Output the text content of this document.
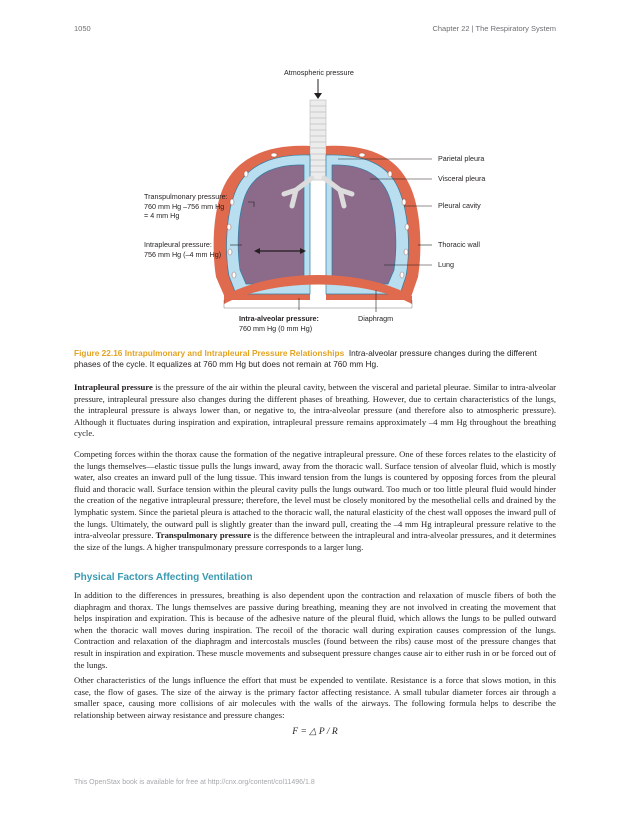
1050	Chapter 22 | The Respiratory System
Atmospheric pressure
Transpulmonary pressure:
760 mm Hg –756 mm Hg
= 4 mm Hg
Intrapleural pressure:
756 mm Hg (–4 mm Hg)
Intra-alveolar pressure:
760 mm Hg (0 mm Hg)
Diaphragm
Parietal pleura
Visceral pleura
Pleural cavity
Thoracic wall
Lung
Figure 22.16 Intrapulmonary and Intrapleural Pressure Relationships Intra-alveolar pressure changes during the different phases of the cycle. It equalizes at 760 mm Hg but does not remain at 760 mm Hg.

Intrapleural pressure is the pressure of the air within the pleural cavity, between the visceral and parietal pleurae. Similar to intra-alveolar pressure, intrapleural pressure also changes during the different phases of breathing. However, due to certain characteristics of the lungs, the intrapleural pressure is always lower than, or negative to, the intra-alveolar pressure (and therefore also to atmospheric pressure). Although it fluctuates during inspiration and expiration, intrapleural pressure remains approximately –4 mm Hg throughout the breathing cycle.

Competing forces within the thorax cause the formation of the negative intrapleural pressure. One of these forces relates to the elasticity of the lungs themselves—elastic tissue pulls the lungs inward, away from the thoracic wall. Surface tension of alveolar fluid, which is mostly water, also creates an inward pull of the lung tissue. This inward tension from the lungs is countered by opposing forces from the pleural fluid and thoracic wall. Surface tension within the pleural cavity pulls the lungs outward. Too much or too little pleural fluid would hinder the creation of the negative intrapleural pressure; therefore, the level must be closely monitored by the mesothelial cells and drained by the lymphatic system. Since the parietal pleura is attached to the thoracic wall, the natural elasticity of the chest wall opposes the inward pull of the lungs. Ultimately, the outward pull is slightly greater than the inward pull, creating the –4 mm Hg intrapleural pressure relative to the intra-alveolar pressure. Transpulmonary pressure is the difference between the intrapleural and intra-alveolar pressures, and it determines the size of the lungs. A higher transpulmonary pressure corresponds to a larger lung.

Physical Factors Affecting Ventilation

In addition to the differences in pressures, breathing is also dependent upon the contraction and relaxation of muscle fibers of both the diaphragm and thorax. The lungs themselves are passive during breathing, meaning they are not involved in creating the movement that helps inspiration and expiration. This is because of the adhesive nature of the pleural fluid, which allows the lungs to be pulled outward when the thoracic wall moves during inspiration. The recoil of the thoracic wall during expiration causes compression of the lungs. Contraction and relaxation of the diaphragm and intercostals muscles (found between the ribs) cause most of the pressure changes that result in inspiration and expiration. These muscle movements and subsequent pressure changes cause air to either rush in or be forced out of the lungs.

Other characteristics of the lungs influence the effort that must be expended to ventilate. Resistance is a force that slows motion, in this case, the flow of gases. The size of the airway is the primary factor affecting resistance. A small tubular diameter forces air through a smaller space, causing more collisions of air molecules with the walls of the airways. The following formula helps to describe the relationship between airway resistance and pressure changes:

F = △ P / R
This OpenStax book is available for free at http://cnx.org/content/col11496/1.8
